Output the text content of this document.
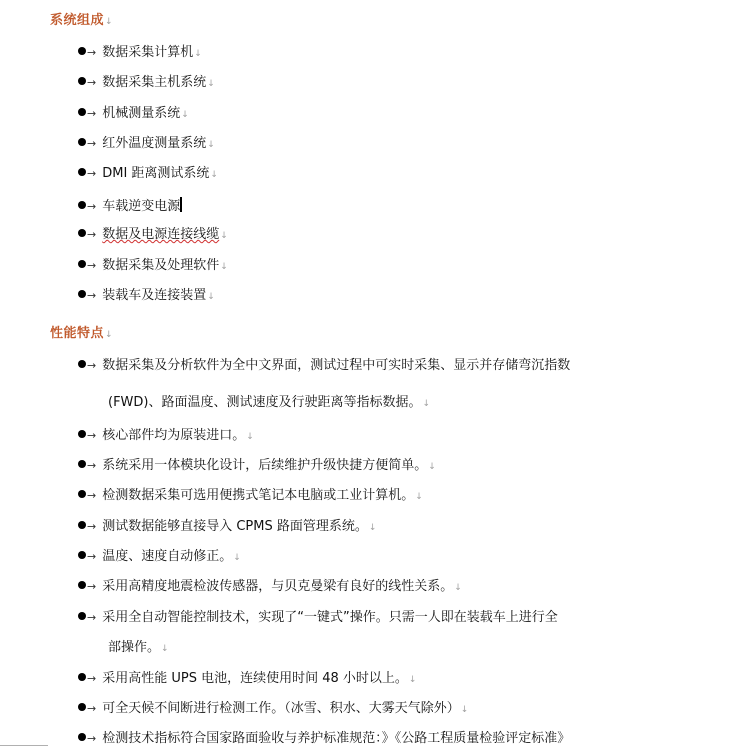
系统组成↓
→ 数据采集计算机↓
→ 数据采集主机系统↓
→ 机械测量系统↓
→ 红外温度测量系统↓
→ DMI 距离测试系统↓
→ 车载逆变电源
→ 数据及电源连接线缆↓
→ 数据采集及处理软件↓
→ 装载车及连接装置↓
性能特点↓
→ 数据采集及分析软件为全中文界面，测试过程中可实时采集、显示并存储弯沉指数
(FWD)、路面温度、测试速度及行驶距离等指标数据。↓
→ 核心部件均为原装进口。↓
→ 系统采用一体模块化设计，后续维护升级快捷方便简单。↓
→ 检测数据采集可选用便携式笔记本电脑或工业计算机。↓
→ 测试数据能够直接导入 CPMS 路面管理系统。↓
→ 温度、速度自动修正。↓
→ 采用高精度地震检波传感器，与贝克曼梁有良好的线性关系。↓
→ 采用全自动智能控制技术，实现了“一键式”操作。只需一人即在装载车上进行全
部操作。↓
→ 采用高性能 UPS 电池，连续使用时间 48 小时以上。↓
→ 可全天候不间断进行检测工作。（冰雪、积水、大雾天气除外）↓
→ 检测技术指标符合国家路面验收与养护标准规范：》《公路工程质量检验评定标准》
